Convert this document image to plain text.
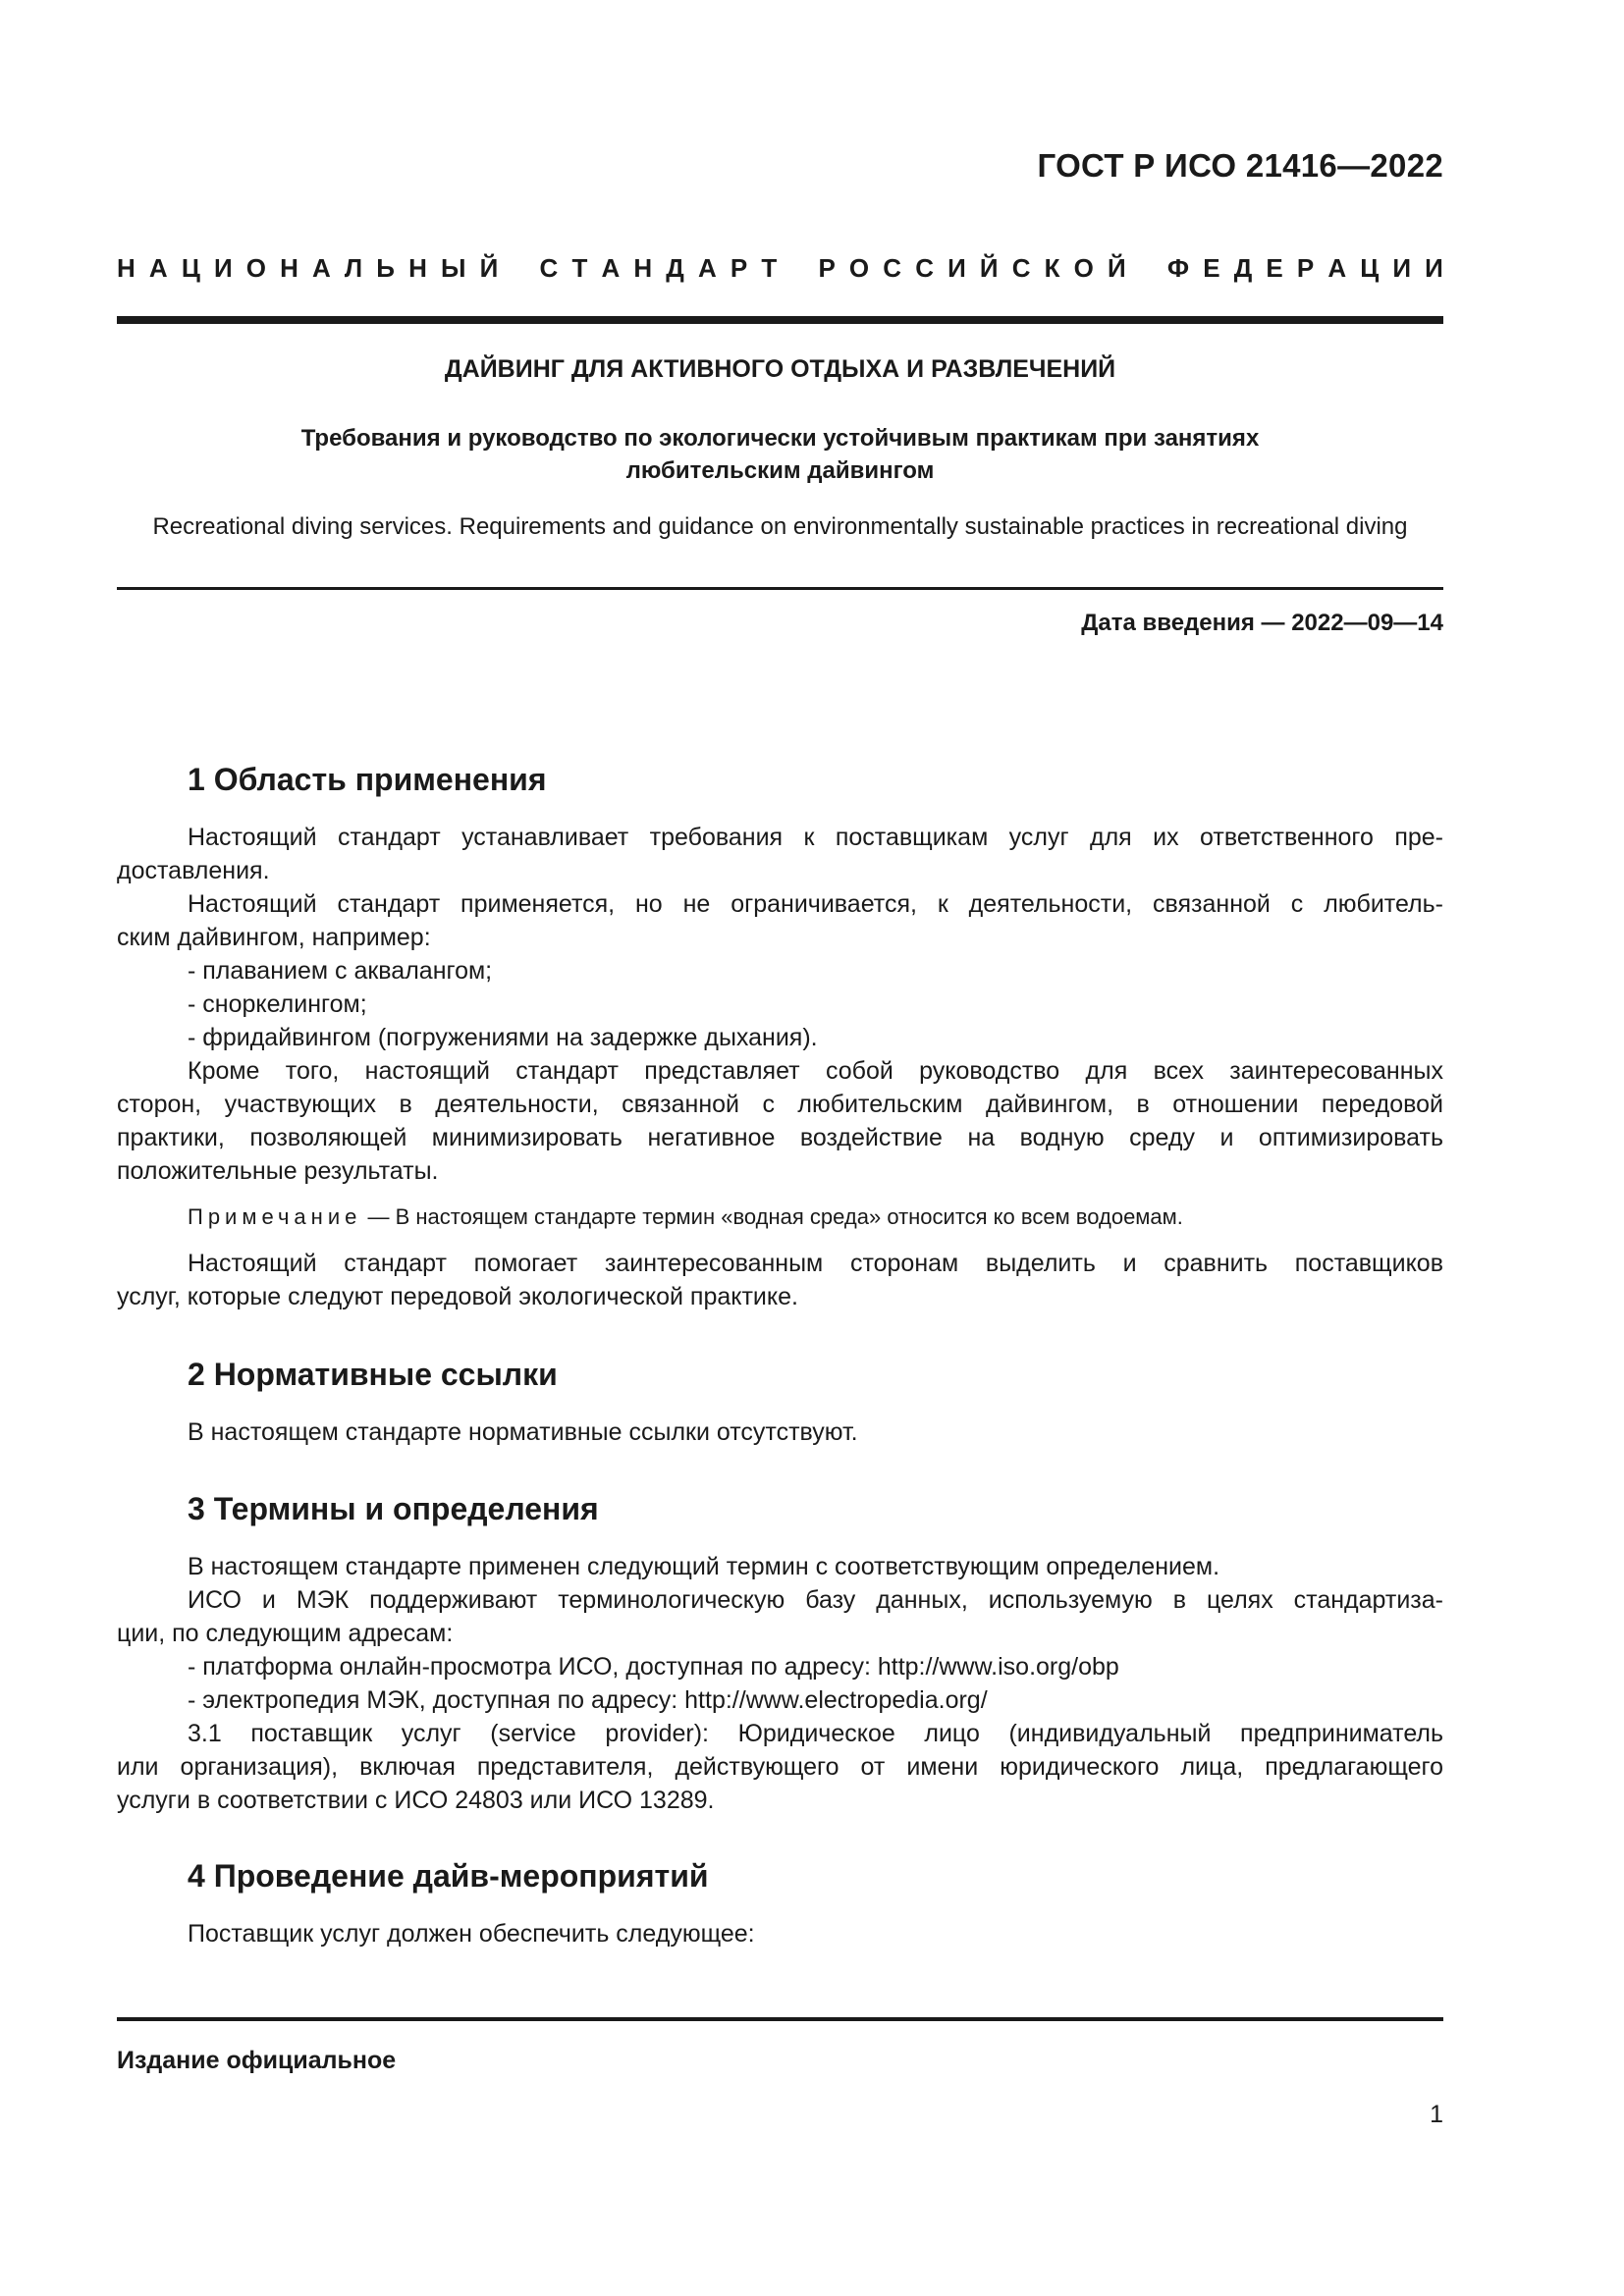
ГОСТ Р ИСО 21416—2022
Н А Ц И О Н А Л Ь Н Ы Й С Т А Н Д А Р Т Р О С С И Й С К О Й Ф Е Д Е Р А Ц И И
ДАЙВИНГ ДЛЯ АКТИВНОГО ОТДЫХА И РАЗВЛЕЧЕНИЙ
Требования и руководство по экологически устойчивым практикам при занятиях
любительским дайвингом
Recreational diving services. Requirements and guidance on environmentally sustainable practices in recreational diving
Дата введения — 2022—09—14
1 Область применения
Настоящий стандарт устанавливает требования к поставщикам услуг для их ответственного пре-
доставления.
Настоящий стандарт применяется, но не ограничивается, к деятельности, связанной с любитель-
ским дайвингом, например:
- плаванием с аквалангом;
- сноркелингом;
- фридайвингом (погружениями на задержке дыхания).
Кроме того, настоящий стандарт представляет собой руководство для всех заинтересованных
сторон, участвующих в деятельности, связанной с любительским дайвингом, в отношении передовой
практики, позволяющей минимизировать негативное воздействие на водную среду и оптимизировать
положительные результаты.
Примечание — В настоящем стандарте термин «водная среда» относится ко всем водоемам.
Настоящий стандарт помогает заинтересованным сторонам выделить и сравнить поставщиков
услуг, которые следуют передовой экологической практике.
2 Нормативные ссылки
В настоящем стандарте нормативные ссылки отсутствуют.
3 Термины и определения
В настоящем стандарте применен следующий термин с соответствующим определением.
ИСО и МЭК поддерживают терминологическую базу данных, используемую в целях стандартиза-
ции, по следующим адресам:
- платформа онлайн-просмотра ИСО, доступная по адресу: http://www.iso.org/obp
- электропедия МЭК, доступная по адресу: http://www.electropedia.org/
3.1 поставщик услуг (service provider): Юридическое лицо (индивидуальный предприниматель
или организация), включая представителя, действующего от имени юридического лица, предлагающего
услуги в соответствии с ИСО 24803 или ИСО 13289.
4 Проведение дайв-мероприятий
Поставщик услуг должен обеспечить следующее:
Издание официальное
1
